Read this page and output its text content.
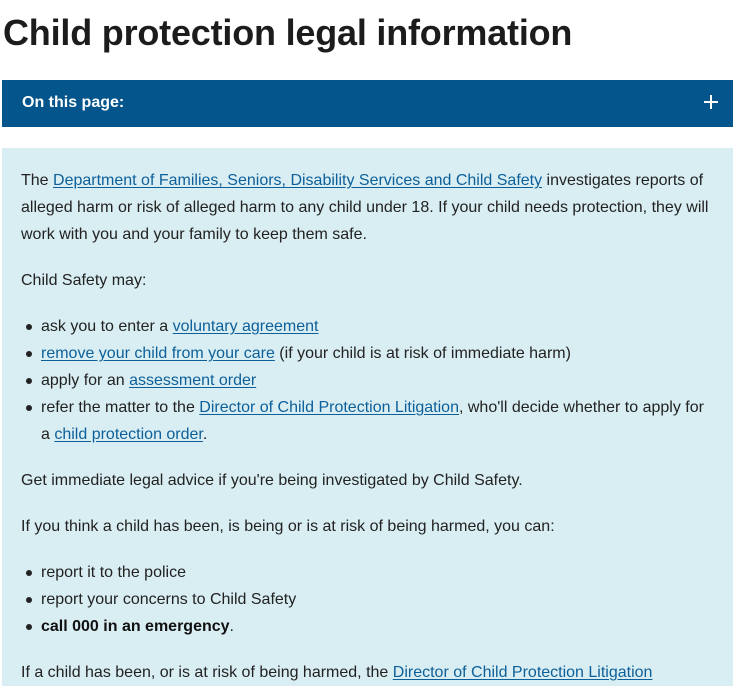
Child protection legal information
On this page:

The Department of Families, Seniors, Disability Services and Child Safety investigates reports of alleged harm or risk of alleged harm to any child under 18. If your child needs protection, they will work with you and your family to keep them safe.

Child Safety may:

ask you to enter a voluntary agreement
remove your child from your care (if your child is at risk of immediate harm)
apply for an assessment order
refer the matter to the Director of Child Protection Litigation, who'll decide whether to apply for a child protection order.

Get immediate legal advice if you're being investigated by Child Safety.

If you think a child has been, is being or is at risk of being harmed, you can:

report it to the police
report your concerns to Child Safety
call 000 in an emergency.

If a child has been, or is at risk of being harmed, the Director of Child Protection Litigation
